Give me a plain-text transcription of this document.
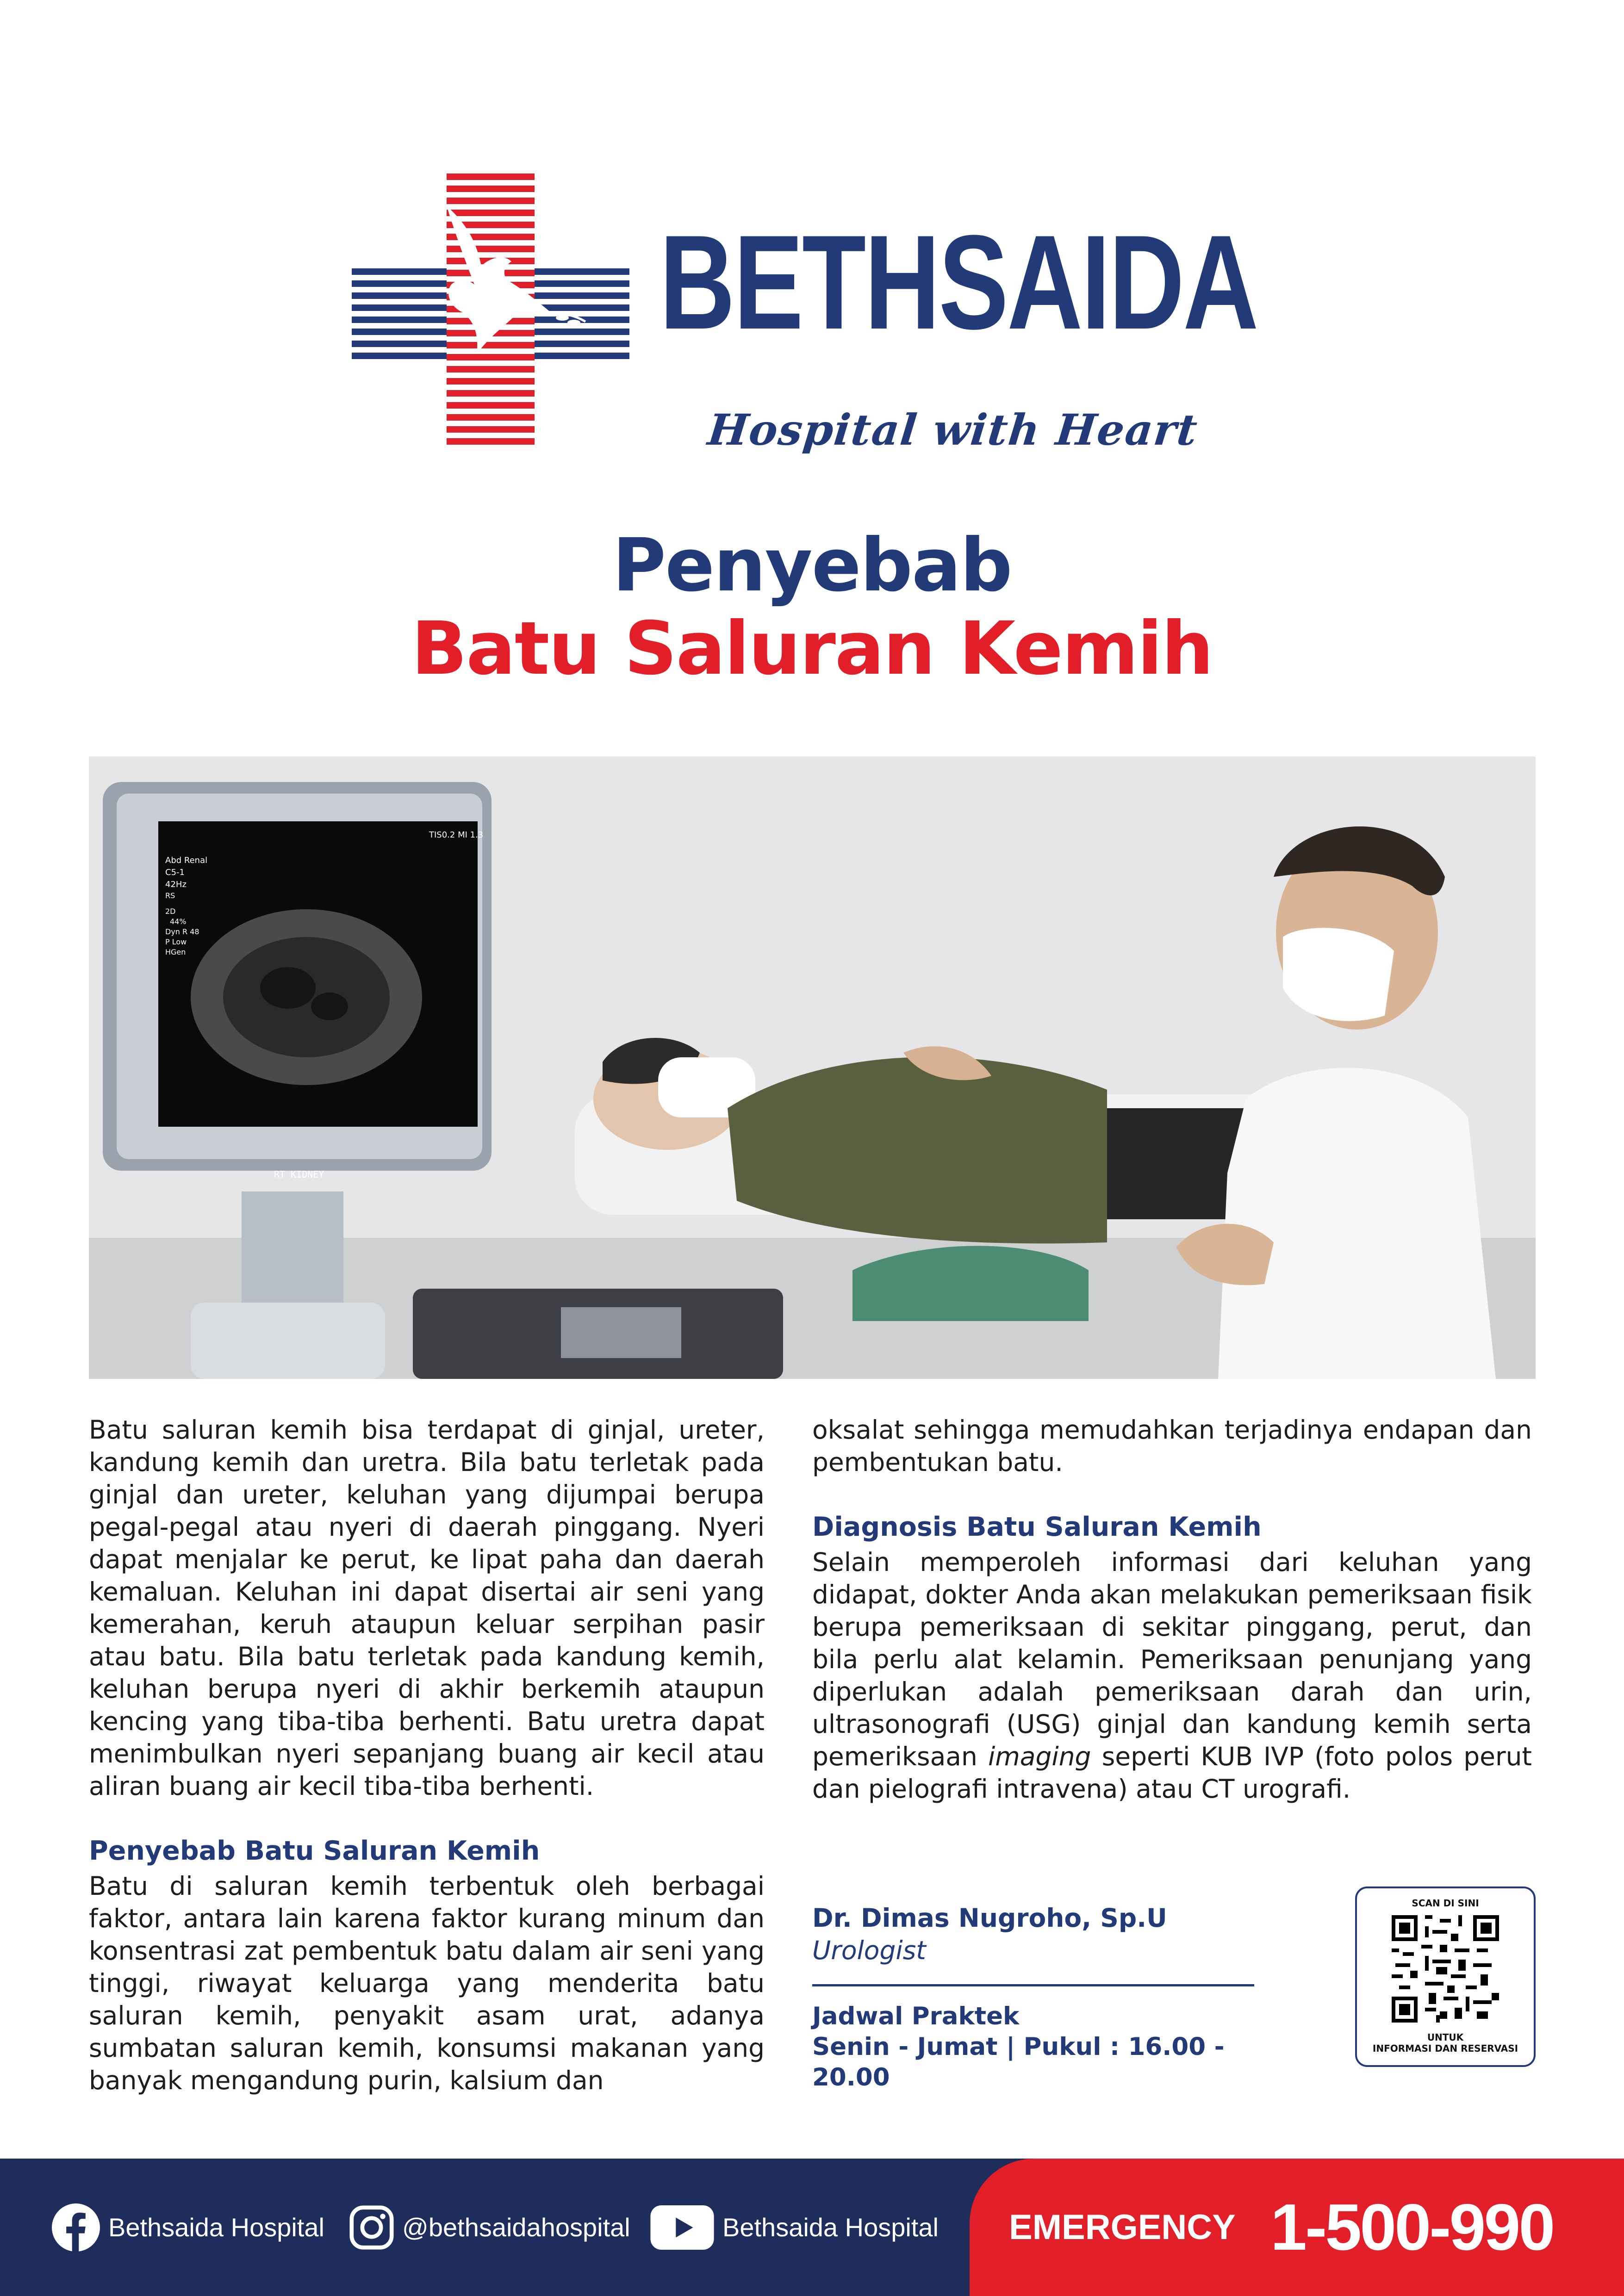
BETHSAIDA
Hospital with Heart
Penyebab
Batu Saluran Kemih
Abd Renal
C5-1
42Hz
RS
2D
44%
Dyn R 48
P Low
HGen
TIS0.2 MI 1.3
RT KIDNEY

Batu saluran kemih bisa terdapat di ginjal, ureter, kandung kemih dan uretra. Bila batu terletak pada ginjal dan ureter, keluhan yang dijumpai berupa pegal-pegal atau nyeri di daerah pinggang. Nyeri dapat menjalar ke perut, ke lipat paha dan daerah kemaluan. Keluhan ini dapat disertai air seni yang kemerahan, keruh ataupun keluar serpihan pasir atau batu. Bila batu terletak pada kandung kemih, keluhan berupa nyeri di akhir berkemih ataupun kencing yang tiba-tiba berhenti. Batu uretra dapat menimbulkan nyeri sepanjang buang air kecil atau aliran buang air kecil tiba-tiba berhenti.

Penyebab Batu Saluran Kemih

Batu di saluran kemih terbentuk oleh berbagai faktor, antara lain karena faktor kurang minum dan konsentrasi zat pembentuk batu dalam air seni yang tinggi, riwayat keluarga yang menderita batu saluran kemih, penyakit asam urat, adanya sumbatan saluran kemih, konsumsi makanan yang banyak mengandung purin, kalsium dan

oksalat sehingga memudahkan terjadinya endapan dan pembentukan batu.

Diagnosis Batu Saluran Kemih

Selain memperoleh informasi dari keluhan yang didapat, dokter Anda akan melakukan pemeriksaan fisik berupa pemeriksaan di sekitar pinggang, perut, dan bila perlu alat kelamin. Pemeriksaan penunjang yang diperlukan adalah pemeriksaan darah dan urin, ultrasonografi (USG) ginjal dan kandung kemih serta pemeriksaan imaging seperti KUB IVP (foto polos perut dan pielografi intravena) atau CT urografi.

Dr. Dimas Nugroho, Sp.U
Urologist
Jadwal Praktek
Senin - Jumat | Pukul : 16.00 - 20.00
SCAN DI SINI
UNTUK
INFORMASI DAN RESERVASI
Bethsaida Hospital	@bethsaidahospital	Bethsaida Hospital EMERGENCY 1-500-990
